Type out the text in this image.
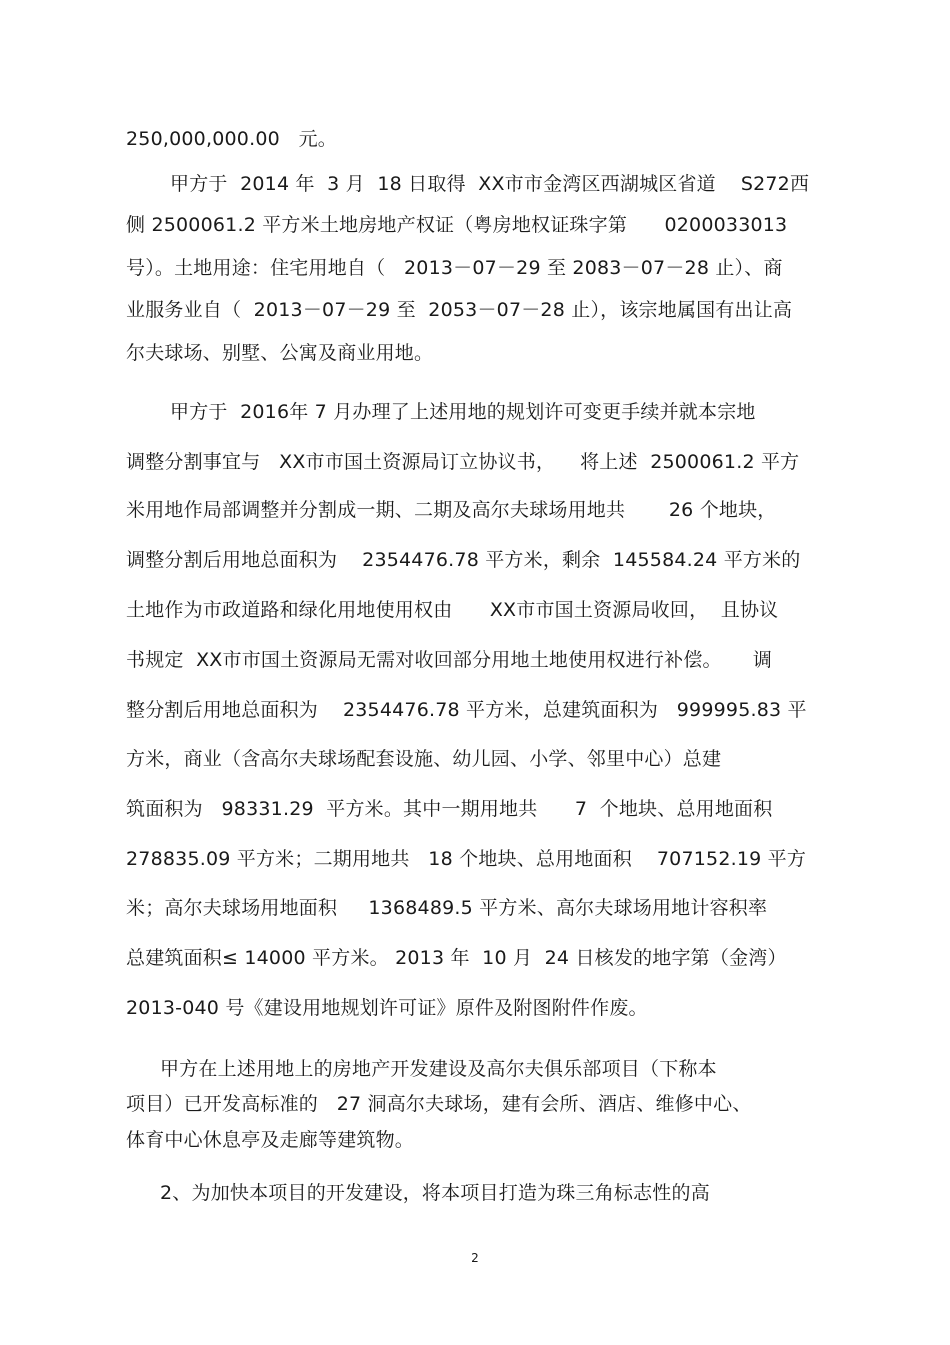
250,000,000.00   元。
甲方于  2014 年  3 月  18 日取得  XX市市金湾区西湖城区省道    S272西
侧 2500061.2 平方米土地房地产权证（粤房地权证珠字第      0200033013
号）。土地用途：住宅用地自（   2013－07－29 至 2083－07－28 止）、商
业服务业自（  2013－07－29 至  2053－07－28 止），该宗地属国有出让高
尔夫球场、别墅、公寓及商业用地。
甲方于  2016年 7 月办理了上述用地的规划许可变更手续并就本宗地
调整分割事宜与   XX市市国土资源局订立协议书，    将上述  2500061.2 平方
米用地作局部调整并分割成一期、二期及高尔夫球场用地共       26 个地块，
调整分割后用地总面积为    2354476.78 平方米，剩余  145584.24 平方米的
土地作为市政道路和绿化用地使用权由      XX市市国土资源局收回，  且协议
书规定  XX市市国土资源局无需对收回部分用地土地使用权进行补偿。     调
整分割后用地总面积为    2354476.78 平方米，总建筑面积为   999995.83 平
方米，商业（含高尔夫球场配套设施、幼儿园、小学、邻里中心）总建
筑面积为   98331.29  平方米。其中一期用地共      7  个地块、总用地面积
278835.09 平方米；二期用地共   18 个地块、总用地面积    707152.19 平方
米；高尔夫球场用地面积     1368489.5 平方米、高尔夫球场用地计容积率
总建筑面积≤ 14000 平方米。 2013 年  10 月  24 日核发的地字第（金湾）
2013-040 号《建设用地规划许可证》原件及附图附件作废。
甲方在上述用地上的房地产开发建设及高尔夫俱乐部项目（下称本
项目）已开发高标准的   27 洞高尔夫球场，建有会所、酒店、维修中心、
体育中心休息亭及走廊等建筑物。
2、为加快本项目的开发建设，将本项目打造为珠三角标志性的高
2
